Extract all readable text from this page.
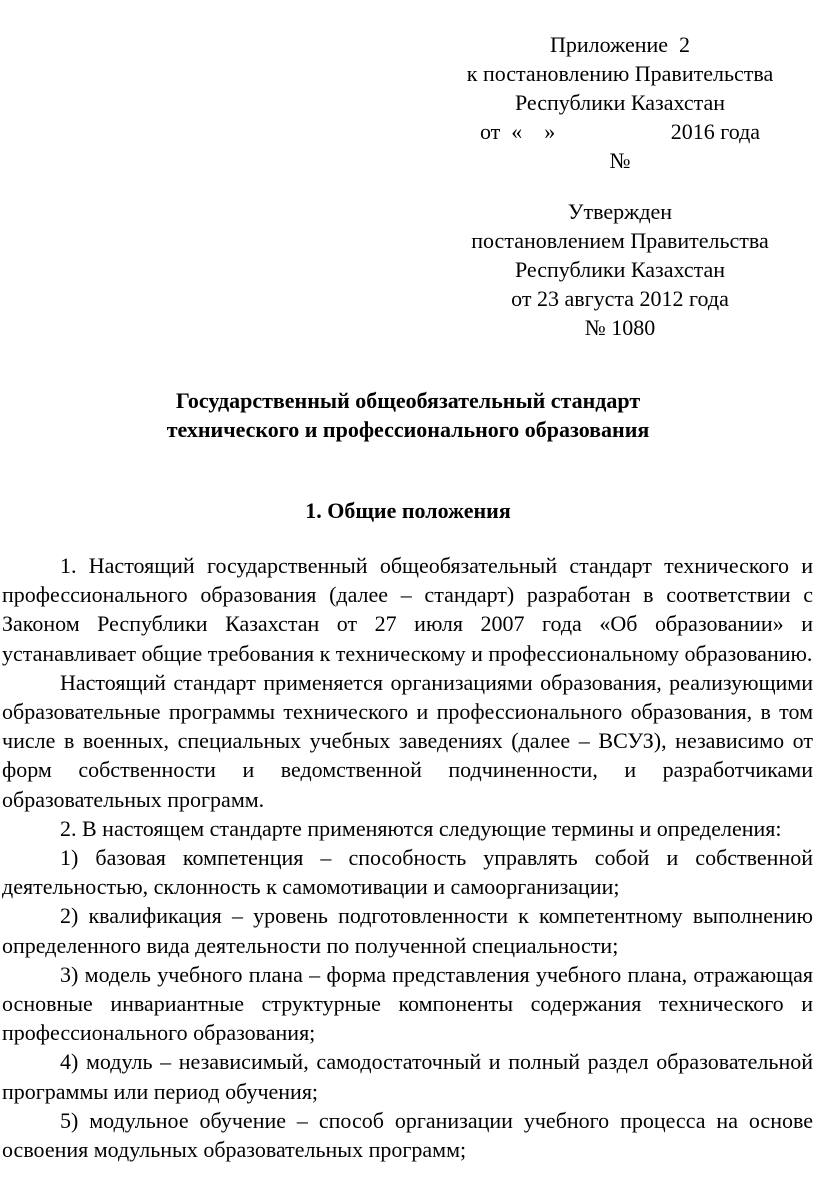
Приложение  2
к постановлению Правительства
Республики Казахстан
от  «    »                     2016 года
№
Утвержден
постановлением Правительства
Республики Казахстан
от 23 августа 2012 года
№ 1080
Государственный общеобязательный стандарт
технического и профессионального образования
1. Общие положения

1. Настоящий государственный общеобязательный стандарт технического и профессионального образования (далее – стандарт) разработан в соответствии с Законом Республики Казахстан от 27 июля 2007 года «Об образовании» и устанавливает общие требования к техническому и профессиональному образованию.

Настоящий стандарт применяется организациями образования, реализующими образовательные программы технического и профессионального образования, в том числе в военных, специальных учебных заведениях (далее – ВСУЗ), независимо от форм собственности и ведомственной подчиненности, и разработчиками образовательных программ.

2. В настоящем стандарте применяются следующие термины и определения:

1) базовая компетенция – способность управлять собой и собственной деятельностью, склонность к самомотивации и самоорганизации;

2) квалификация – уровень подготовленности к компетентному выполнению определенного вида деятельности по полученной специальности;

3) модель учебного плана – форма представления учебного плана, отражающая основные инвариантные структурные компоненты содержания технического и профессионального образования;

4) модуль – независимый, самодостаточный и полный раздел образовательной программы или период обучения;

5) модульное обучение – способ организации учебного процесса на основе освоения модульных образовательных программ;
